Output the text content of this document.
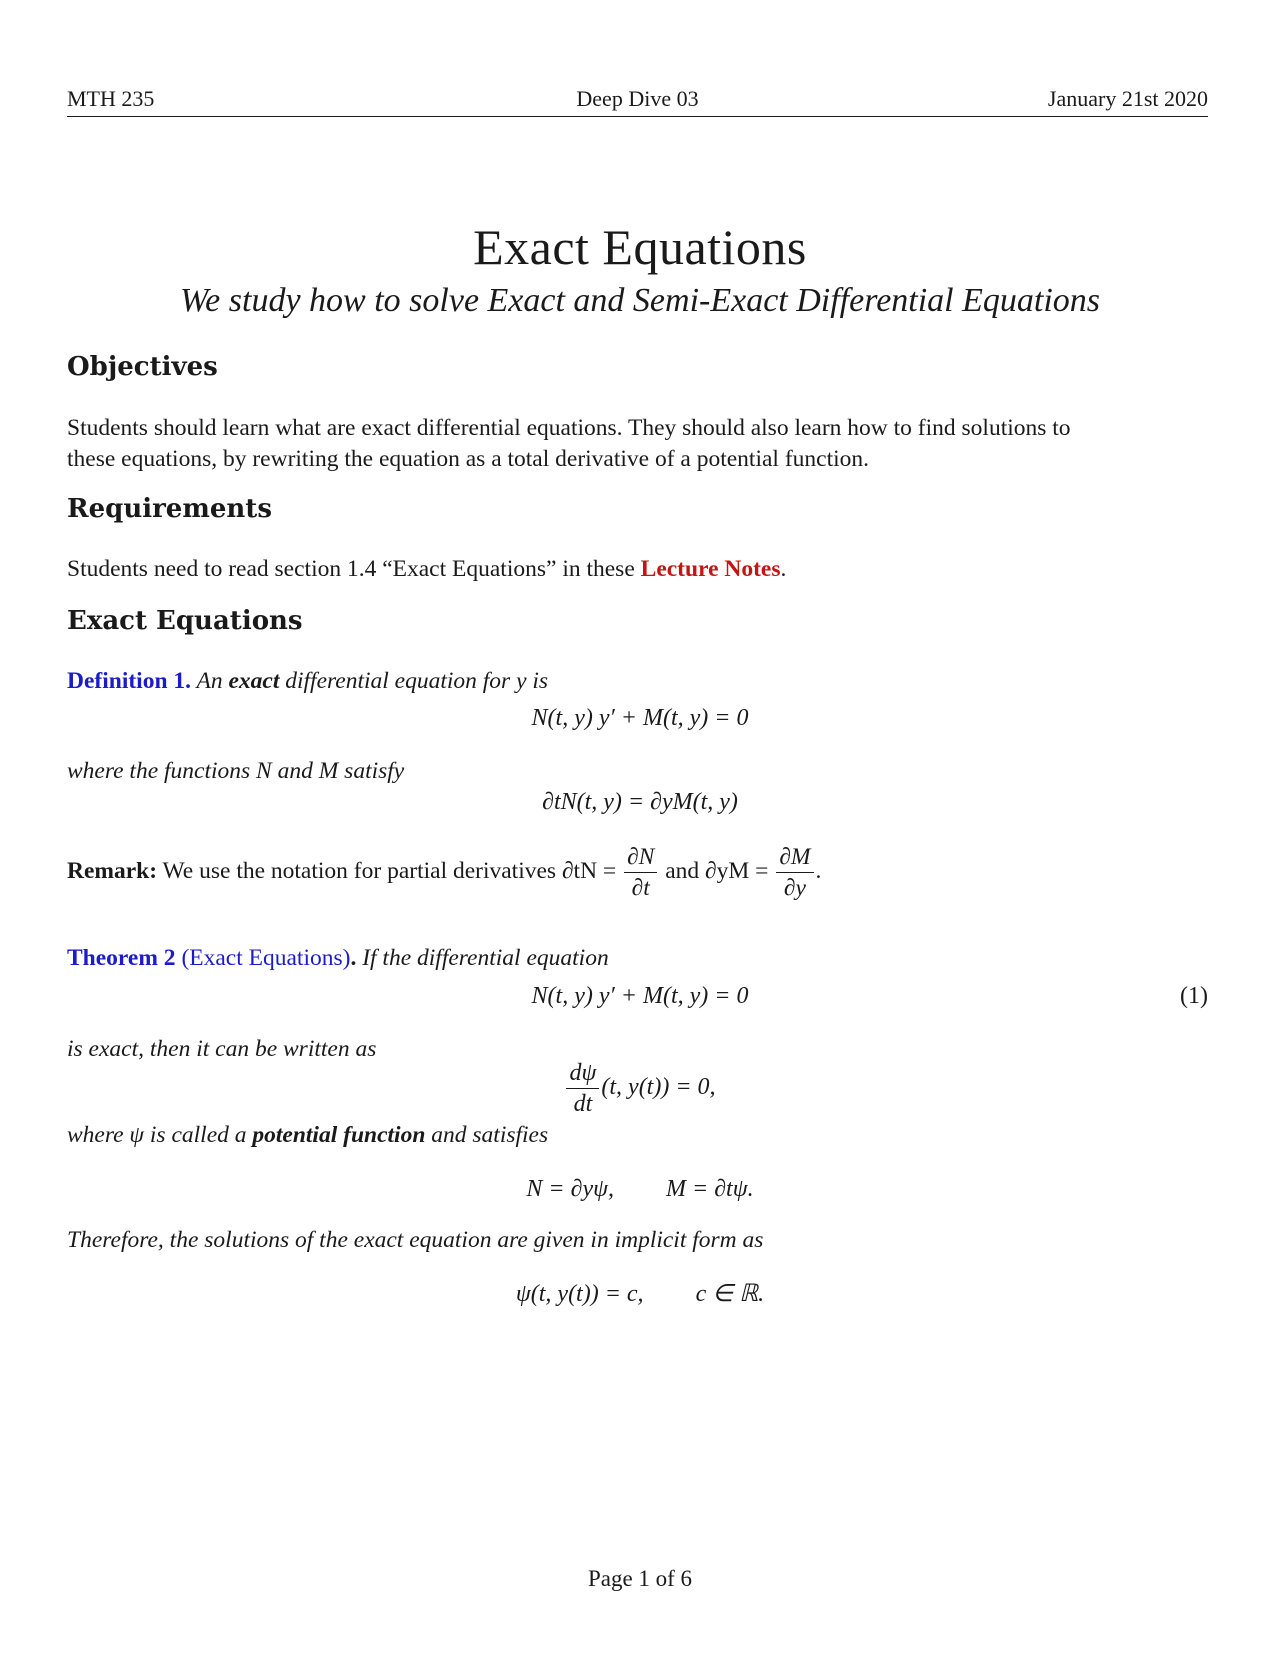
MTH 235	Deep Dive 03	January 21st 2020
Exact Equations
We study how to solve Exact and Semi-Exact Differential Equations
Objectives
Students should learn what are exact differential equations. They should also learn how to find solutions to
these equations, by rewriting the equation as a total derivative of a potential function.
Requirements
Students need to read section 1.4 “Exact Equations” in these Lecture Notes.
Exact Equations
Definition 1. An exact differential equation for y is
N(t, y) y′ + M(t, y) = 0
where the functions N and M satisfy
∂tN(t, y) = ∂yM(t, y)
Remark: We use the notation for partial derivatives $\partial tN = \frac{\partial N}{\partial t}$ and $\partial yM = \frac{\partial M}{\partial y}$ .
Theorem 2 (Exact Equations). If the differential equation
N(t, y) y′ + M(t, y) = 0	(1)
is exact, then it can be written as
$\frac{d\psi}{dt} (t$, y(t)) = 0,
where ψ is called a potential function and satisfies
N = ∂yψ, M = ∂tψ.
Therefore, the solutions of the exact equation are given in implicit form as
ψ(t, y(t)) = c, c ∈ ℝ.
Page 1 of 6
